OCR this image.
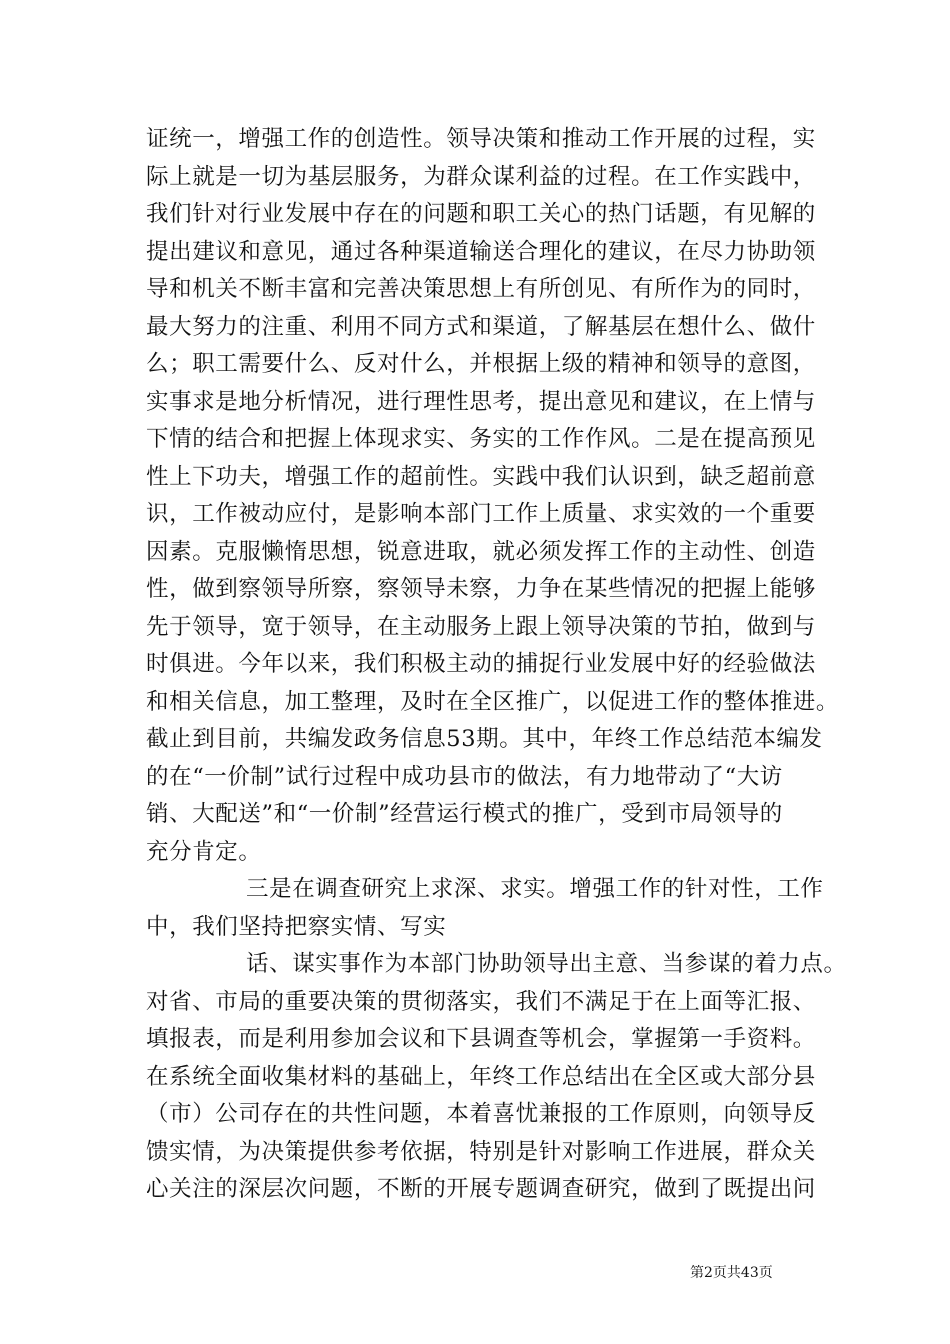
证统一，增强工作的创造性。领导决策和推动工作开展的过程，实
际上就是一切为基层服务，为群众谋利益的过程。在工作实践中，
我们针对行业发展中存在的问题和职工关心的热门话题，有见解的
提出建议和意见，通过各种渠道输送合理化的建议，在尽力协助领
导和机关不断丰富和完善决策思想上有所创见、有所作为的同时，
最大努力的注重、利用不同方式和渠道，了解基层在想什么、做什
么；职工需要什么、反对什么，并根据上级的精神和领导的意图，
实事求是地分析情况，进行理性思考，提出意见和建议，在上情与
下情的结合和把握上体现求实、务实的工作作风。二是在提高预见
性上下功夫，增强工作的超前性。实践中我们认识到，缺乏超前意
识，工作被动应付，是影响本部门工作上质量、求实效的一个重要
因素。克服懒惰思想，锐意进取，就必须发挥工作的主动性、创造
性，做到察领导所察，察领导未察，力争在某些情况的把握上能够
先于领导，宽于领导，在主动服务上跟上领导决策的节拍，做到与
时俱进。今年以来，我们积极主动的捕捉行业发展中好的经验做法
和相关信息，加工整理，及时在全区推广，以促进工作的整体推进。
截止到目前，共编发政务信息53期。其中，年终工作总结范本编发
的在“一价制”试行过程中成功县市的做法，有力地带动了“大访
销、大配送”和“一价制”经营运行模式的推广，受到市局领导的
充分肯定。
三是在调查研究上求深、求实。增强工作的针对性，工作
中，我们坚持把察实情、写实
话、谋实事作为本部门协助领导出主意、当参谋的着力点。
对省、市局的重要决策的贯彻落实，我们不满足于在上面等汇报、
填报表，而是利用参加会议和下县调查等机会，掌握第一手资料。
在系统全面收集材料的基础上，年终工作总结出在全区或大部分县
（市）公司存在的共性问题，本着喜忧兼报的工作原则，向领导反
馈实情，为决策提供参考依据，特别是针对影响工作进展，群众关
心关注的深层次问题，不断的开展专题调查研究，做到了既提出问
第2页共43页
